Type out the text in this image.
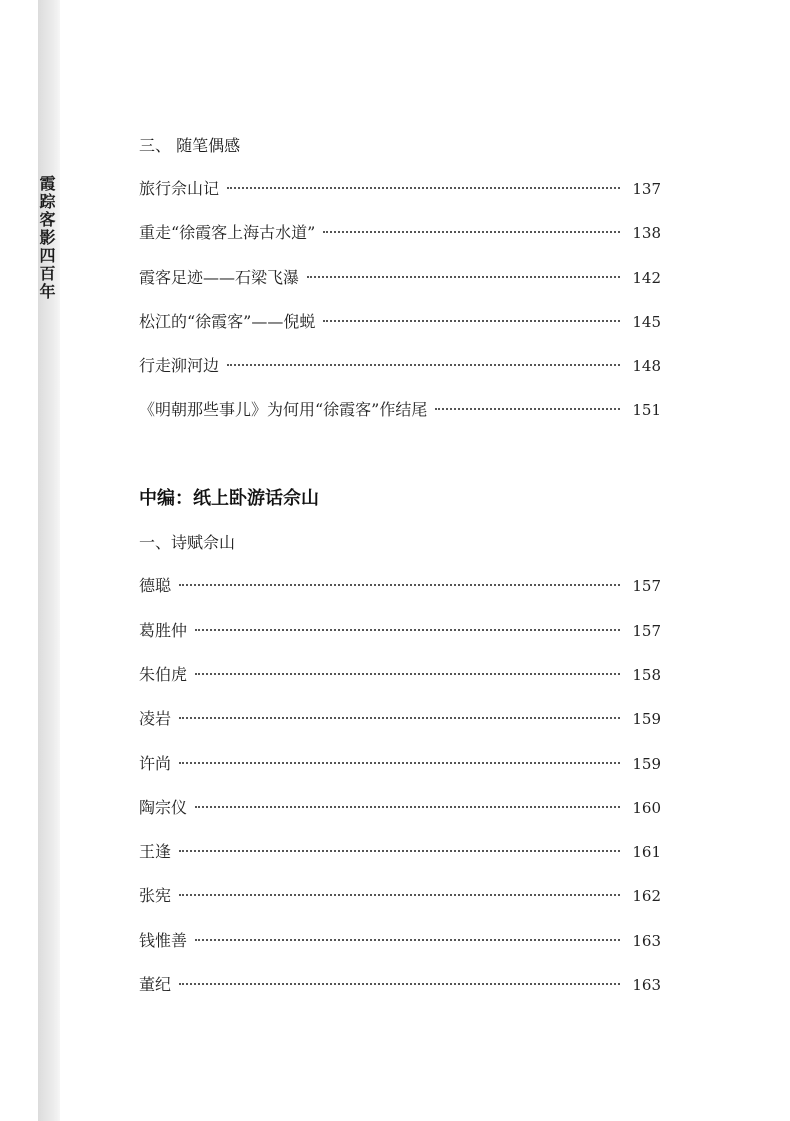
霞踪客影四百年
三、 随笔偶感
旅行佘山记	137
重走“徐霞客上海古水道”	138
霞客足迹——石梁飞瀑	142
松江的“徐霞客”——倪蜕	145
行走泖河边	148
《明朝那些事儿》为何用“徐霞客”作结尾	151
中编：纸上卧游话佘山
一、诗赋佘山
德聪	157
葛胜仲	157
朱伯虎	158
凌岩	159
许尚	159
陶宗仪	160
王逢	161
张宪	162
钱惟善	163
董纪	163
